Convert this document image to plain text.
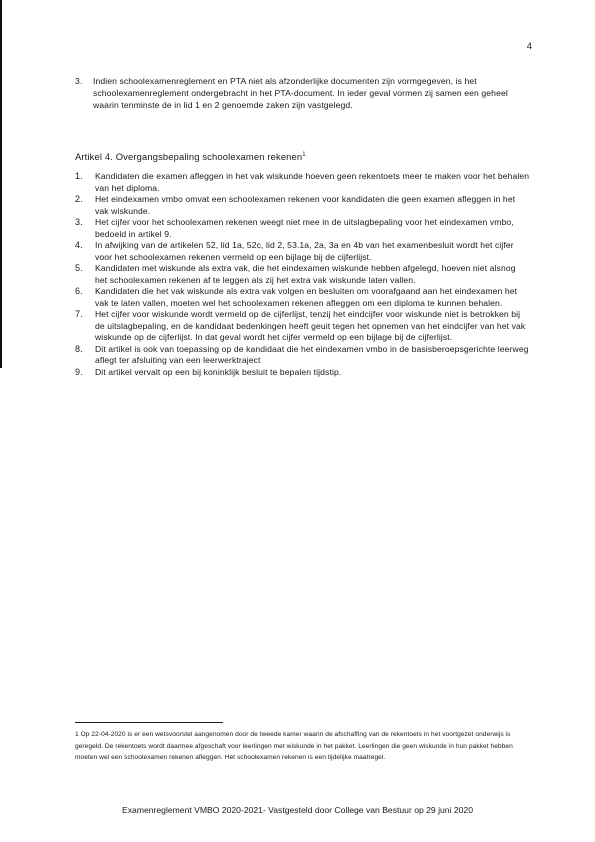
4
3. Indien schoolexamenreglement en PTA niet als afzonderlijke documenten zijn vormgegeven, is het schoolexamenreglement ondergebracht in het PTA-document. In ieder geval vormen zij samen een geheel waarin tenminste de in lid 1 en 2 genoemde zaken zijn vastgelegd.
Artikel 4. Overgangsbepaling schoolexamen rekenen$^1$
1. Kandidaten die examen afleggen in het vak wiskunde hoeven geen rekentoets meer te maken voor het behalen van het diploma.
2. Het eindexamen vmbo omvat een schoolexamen rekenen voor kandidaten die geen examen afleggen in het vak wiskunde.
3. Het cijfer voor het schoolexamen rekenen weegt niet mee in de uitslagbepaling voor het eindexamen vmbo, bedoeld in artikel 9.
4. In afwijking van de artikelen 52, lid 1a, 52c, lid 2, 53.1a, 2a, 3a en 4b van het examenbesluit wordt het cijfer voor het schoolexamen rekenen vermeld op een bijlage bij de cijferlijst.
5. Kandidaten met wiskunde als extra vak, die het eindexamen wiskunde hebben afgelegd, hoeven niet alsnog het schoolexamen rekenen af te leggen als zij het extra vak wiskunde laten vallen.
6. Kandidaten die het vak wiskunde als extra vak volgen en besluiten om voorafgaand aan het eindexamen het vak te laten vallen, moeten wel het schoolexamen rekenen afleggen om een diploma te kunnen behalen.
7. Het cijfer voor wiskunde wordt vermeld op de cijferlijst, tenzij het eindcijfer voor wiskunde niet is betrokken bij de uitslagbepaling, en de kandidaat bedenkingen heeft geuit tegen het opnemen van het eindcijfer van het vak wiskunde op de cijferlijst. In dat geval wordt het cijfer vermeld op een bijlage bij de cijferlijst.
8. Dit artikel is ook van toepassing op de kandidaat die het eindexamen vmbo in de basisberoepsgerichte leerweg aflegt ter afsluiting van een leerwerktraject
9. Dit artikel vervalt op een bij koninklijk besluit te bepalen tijdstip.
1 Op 22-04-2020 is er een wetsvoorstel aangenomen door de tweede kamer waarin de afschaffing van de rekentoets in het voortgezet onderwijs is geregeld. De rekentoets wordt daarmee afgeschaft voor leerlingen met wiskunde in het pakket. Leerlingen die geen wiskunde in hun pakket hebben moeten wel een schoolexamen rekenen afleggen. Het schoolexamen rekenen is een tijdelijke maatregel.
Examenreglement VMBO 2020-2021- Vastgesteld door College van Bestuur op 29 juni 2020
